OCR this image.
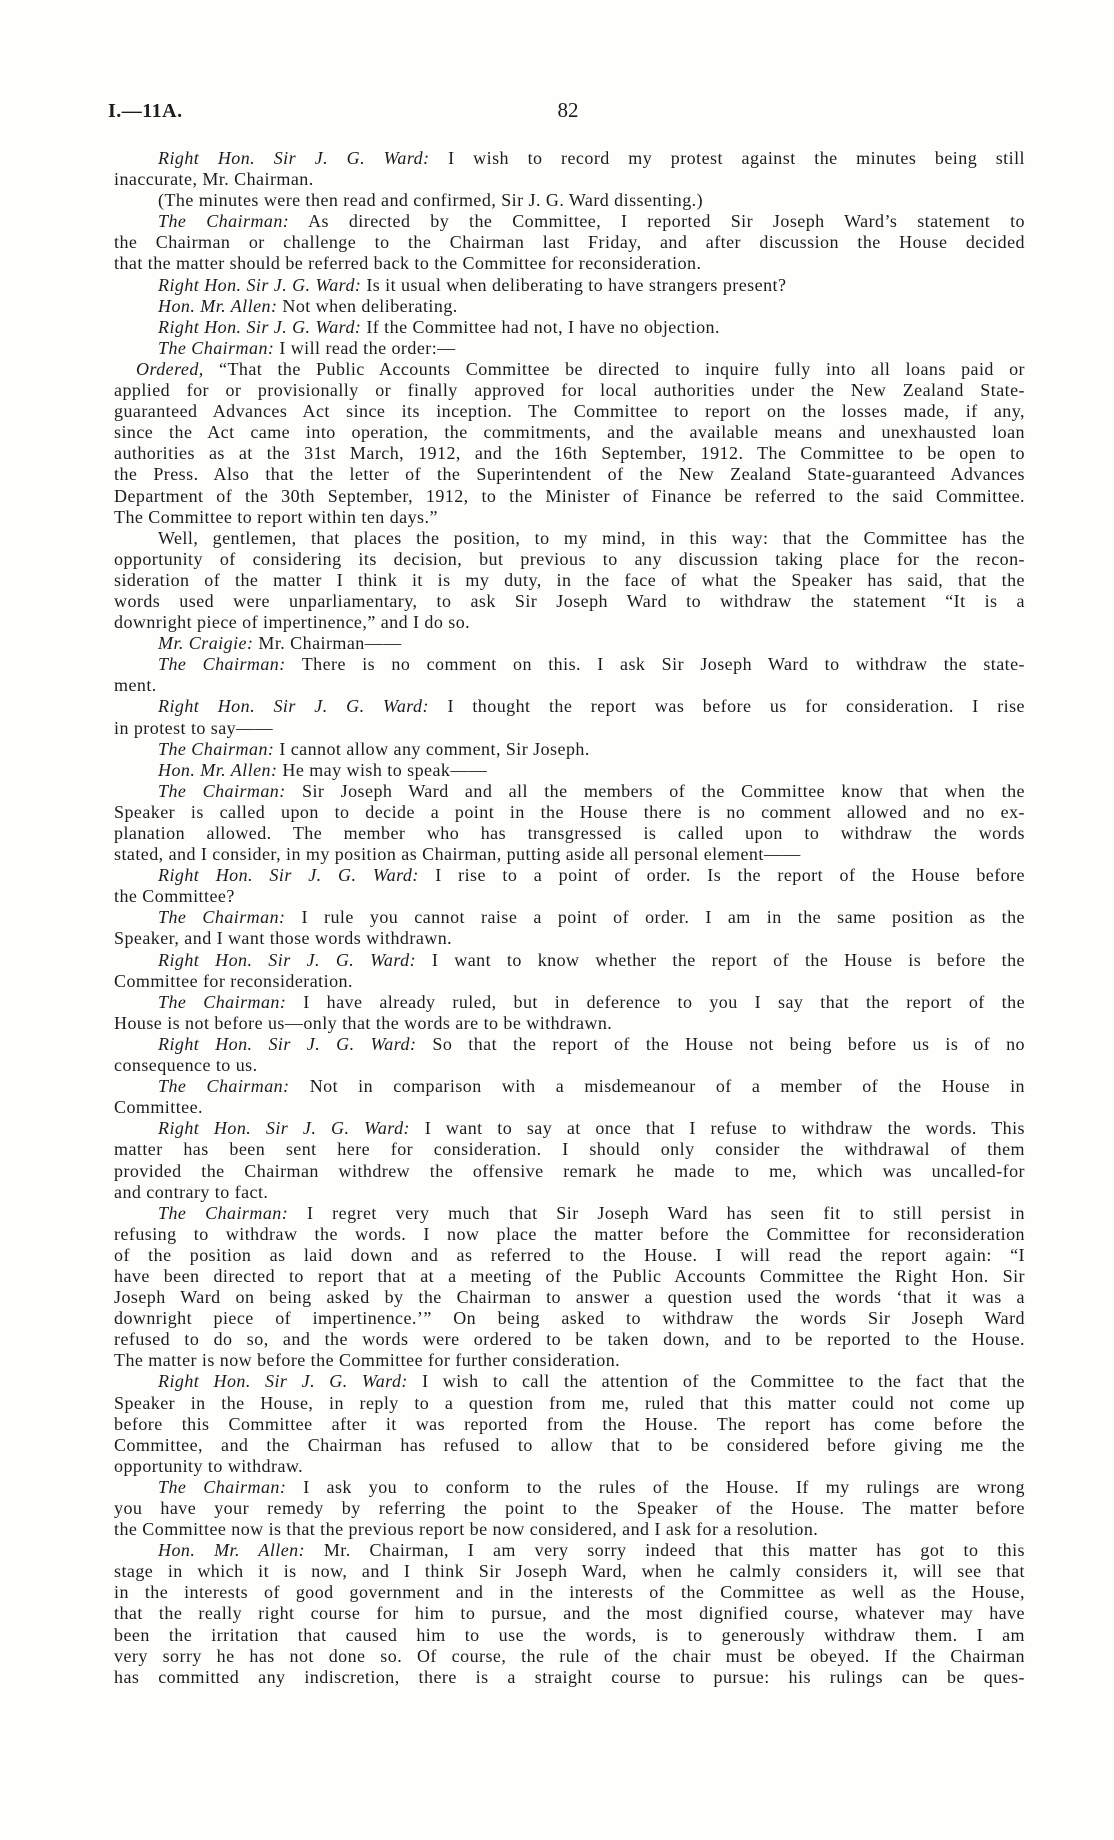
I.—11A.	82
Right Hon. Sir J. G. Ward: I wish to record my protest against the minutes being still
inaccurate, Mr. Chairman.
(The minutes were then read and confirmed, Sir J. G. Ward dissenting.)
The Chairman: As directed by the Committee, I reported Sir Joseph Ward’s statement to
the Chairman or challenge to the Chairman last Friday, and after discussion the House decided
that the matter should be referred back to the Committee for reconsideration.
Right Hon. Sir J. G. Ward: Is it usual when deliberating to have strangers present?
Hon. Mr. Allen: Not when deliberating.
Right Hon. Sir J. G. Ward: If the Committee had not, I have no objection.
The Chairman: I will read the order:—
Ordered, “That the Public Accounts Committee be directed to inquire fully into all loans paid or
applied for or provisionally or finally approved for local authorities under the New Zealand State-
guaranteed Advances Act since its inception. The Committee to report on the losses made, if any,
since the Act came into operation, the commitments, and the available means and unexhausted loan
authorities as at the 31st March, 1912, and the 16th September, 1912. The Committee to be open to
the Press. Also that the letter of the Superintendent of the New Zealand State-guaranteed Advances
Department of the 30th September, 1912, to the Minister of Finance be referred to the said Committee.
The Committee to report within ten days.”
Well, gentlemen, that places the position, to my mind, in this way: that the Committee has the
opportunity of considering its decision, but previous to any discussion taking place for the recon-
sideration of the matter I think it is my duty, in the face of what the Speaker has said, that the
words used were unparliamentary, to ask Sir Joseph Ward to withdraw the statement “It is a
downright piece of impertinence,” and I do so.
Mr. Craigie: Mr. Chairman——
The Chairman: There is no comment on this. I ask Sir Joseph Ward to withdraw the state-
ment.
Right Hon. Sir J. G. Ward: I thought the report was before us for consideration. I rise
in protest to say——
The Chairman: I cannot allow any comment, Sir Joseph.
Hon. Mr. Allen: He may wish to speak——
The Chairman: Sir Joseph Ward and all the members of the Committee know that when the
Speaker is called upon to decide a point in the House there is no comment allowed and no ex-
planation allowed. The member who has transgressed is called upon to withdraw the words
stated, and I consider, in my position as Chairman, putting aside all personal element——
Right Hon. Sir J. G. Ward: I rise to a point of order. Is the report of the House before
the Committee?
The Chairman: I rule you cannot raise a point of order. I am in the same position as the
Speaker, and I want those words withdrawn.
Right Hon. Sir J. G. Ward: I want to know whether the report of the House is before the
Committee for reconsideration.
The Chairman: I have already ruled, but in deference to you I say that the report of the
House is not before us—only that the words are to be withdrawn.
Right Hon. Sir J. G. Ward: So that the report of the House not being before us is of no
consequence to us.
The Chairman: Not in comparison with a misdemeanour of a member of the House in
Committee.
Right Hon. Sir J. G. Ward: I want to say at once that I refuse to withdraw the words. This
matter has been sent here for consideration. I should only consider the withdrawal of them
provided the Chairman withdrew the offensive remark he made to me, which was uncalled-for
and contrary to fact.
The Chairman: I regret very much that Sir Joseph Ward has seen fit to still persist in
refusing to withdraw the words. I now place the matter before the Committee for reconsideration
of the position as laid down and as referred to the House. I will read the report again: “I
have been directed to report that at a meeting of the Public Accounts Committee the Right Hon. Sir
Joseph Ward on being asked by the Chairman to answer a question used the words ‘that it was a
downright piece of impertinence.’” On being asked to withdraw the words Sir Joseph Ward
refused to do so, and the words were ordered to be taken down, and to be reported to the House.
The matter is now before the Committee for further consideration.
Right Hon. Sir J. G. Ward: I wish to call the attention of the Committee to the fact that the
Speaker in the House, in reply to a question from me, ruled that this matter could not come up
before this Committee after it was reported from the House. The report has come before the
Committee, and the Chairman has refused to allow that to be considered before giving me the
opportunity to withdraw.
The Chairman: I ask you to conform to the rules of the House. If my rulings are wrong
you have your remedy by referring the point to the Speaker of the House. The matter before
the Committee now is that the previous report be now considered, and I ask for a resolution.
Hon. Mr. Allen: Mr. Chairman, I am very sorry indeed that this matter has got to this
stage in which it is now, and I think Sir Joseph Ward, when he calmly considers it, will see that
in the interests of good government and in the interests of the Committee as well as the House,
that the really right course for him to pursue, and the most dignified course, whatever may have
been the irritation that caused him to use the words, is to generously withdraw them. I am
very sorry he has not done so. Of course, the rule of the chair must be obeyed. If the Chairman
has committed any indiscretion, there is a straight course to pursue: his rulings can be ques-
